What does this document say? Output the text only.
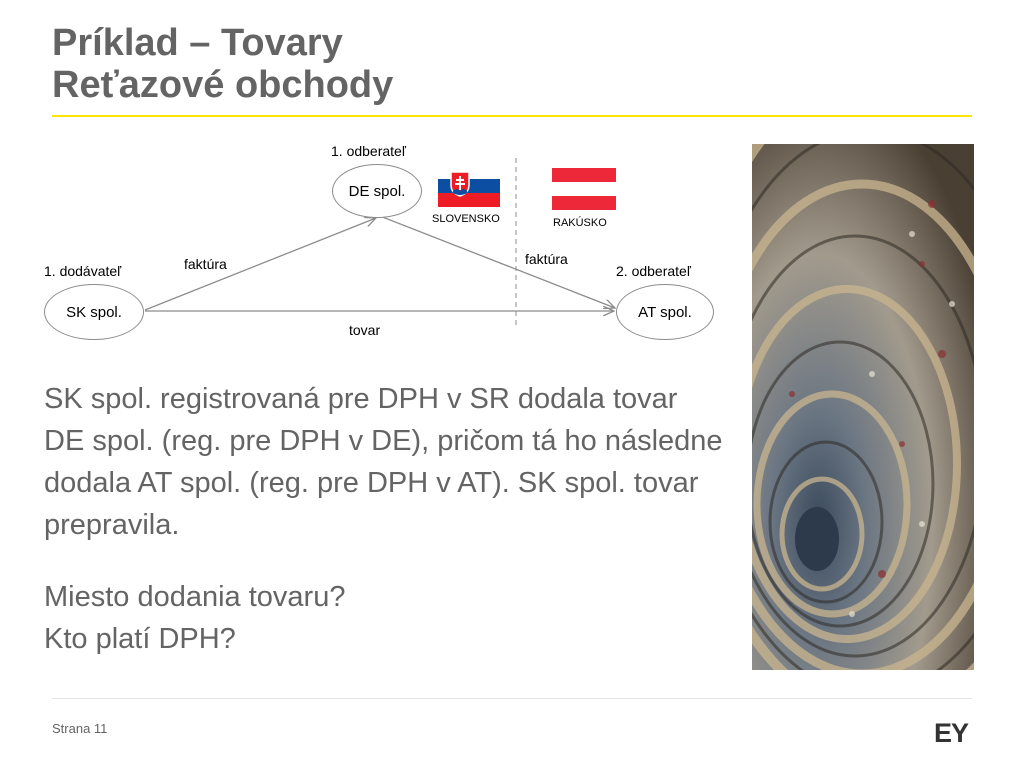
Príklad – Tovary
Reťazové obchody
1. odberateľ
DE spol.
1. dodávateľ
SK spol.
2. odberateľ
AT spol.
faktúra	faktúra
tovar
SLOVENSKO	RAKÚSKO

SK spol. registrovaná pre DPH v SR dodala tovar DE spol. (reg. pre DPH v DE), pričom tá ho následne dodala AT spol. (reg. pre DPH v AT). SK spol. tovar prepravila.

Miesto dodania tovaru?

Kto platí DPH?

Strana 11	EY
